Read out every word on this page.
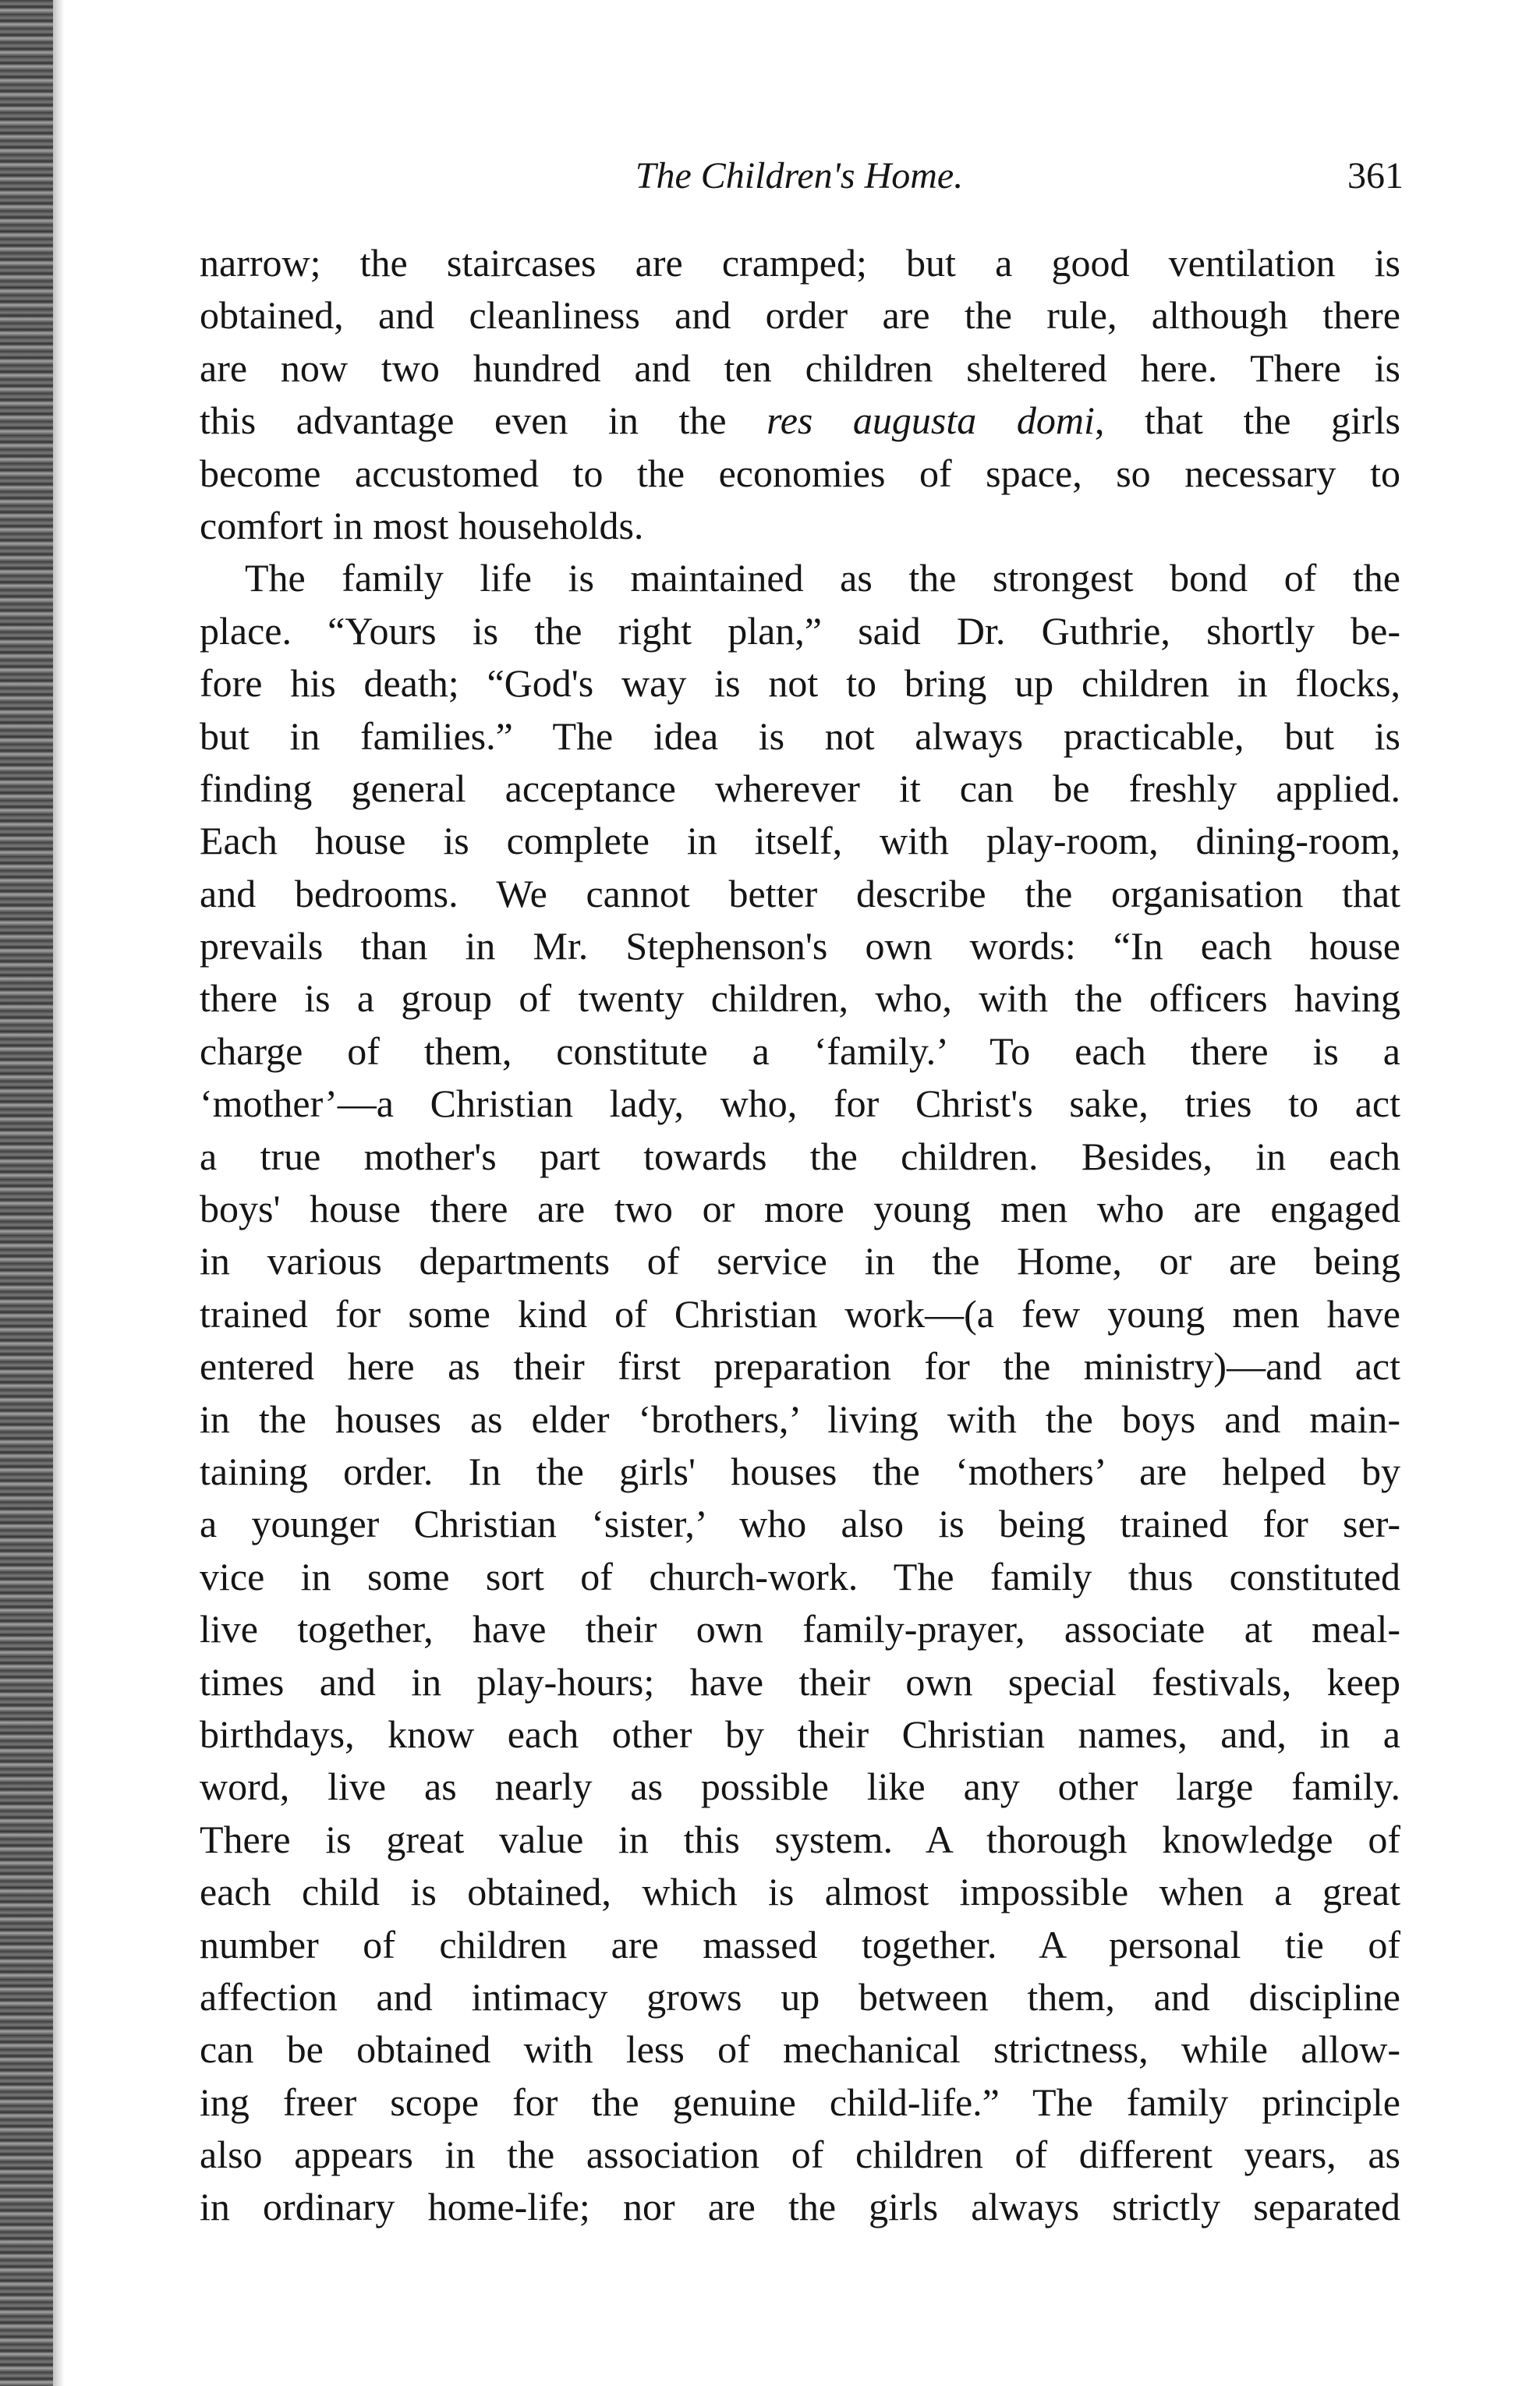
The Children's Home.	361
narrow; the staircases are cramped; but a good ventilation is
obtained, and cleanliness and order are the rule, although there
are now two hundred and ten children sheltered here. There is
this advantage even in the res augusta domi, that the girls
become accustomed to the economies of space, so necessary to
comfort in most households.
The family life is maintained as the strongest bond of the
place. “Yours is the right plan,” said Dr. Guthrie, shortly be-
fore his death; “God's way is not to bring up children in flocks,
but in families.” The idea is not always practicable, but is
finding general acceptance wherever it can be freshly applied.
Each house is complete in itself, with play-room, dining-room,
and bedrooms. We cannot better describe the organisation that
prevails than in Mr. Stephenson's own words: “In each house
there is a group of twenty children, who, with the officers having
charge of them, constitute a ‘family.’ To each there is a
‘mother’—a Christian lady, who, for Christ's sake, tries to act
a true mother's part towards the children. Besides, in each
boys' house there are two or more young men who are engaged
in various departments of service in the Home, or are being
trained for some kind of Christian work—(a few young men have
entered here as their first preparation for the ministry)—and act
in the houses as elder ‘brothers,’ living with the boys and main-
taining order. In the girls' houses the ‘mothers’ are helped by
a younger Christian ‘sister,’ who also is being trained for ser-
vice in some sort of church-work. The family thus constituted
live together, have their own family-prayer, associate at meal-
times and in play-hours; have their own special festivals, keep
birthdays, know each other by their Christian names, and, in a
word, live as nearly as possible like any other large family.
There is great value in this system. A thorough knowledge of
each child is obtained, which is almost impossible when a great
number of children are massed together. A personal tie of
affection and intimacy grows up between them, and discipline
can be obtained with less of mechanical strictness, while allow-
ing freer scope for the genuine child-life.” The family principle
also appears in the association of children of different years, as
in ordinary home-life; nor are the girls always strictly separated
